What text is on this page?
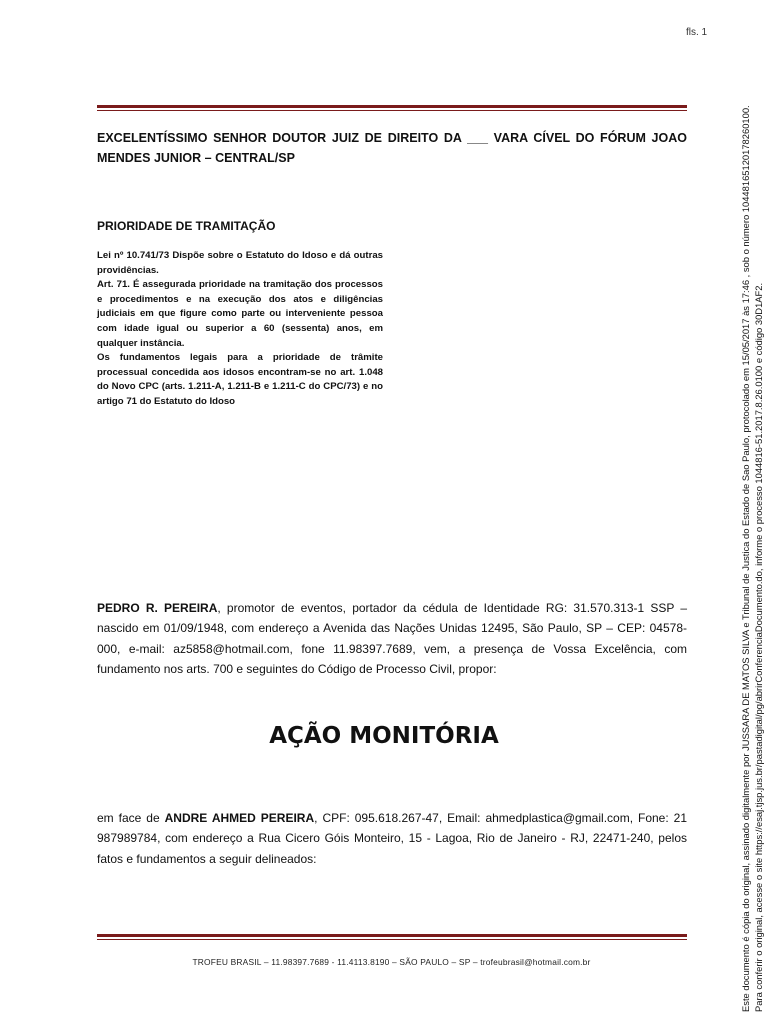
fls. 1
EXCELENTÍSSIMO SENHOR DOUTOR JUIZ DE DIREITO DA ___ VARA CÍVEL DO FÓRUM JOAO MENDES JUNIOR – CENTRAL/SP
PRIORIDADE DE TRAMITAÇÃO

Lei nº 10.741/73 Dispõe sobre o Estatuto do Idoso e dá outras providências.

Art. 71. É assegurada prioridade na tramitação dos processos e procedimentos e na execução dos atos e diligências judiciais em que figure como parte ou interveniente pessoa com idade igual ou superior a 60 (sessenta) anos, em qualquer instância.

Os fundamentos legais para a prioridade de trâmite processual concedida aos idosos encontram-se no art. 1.048 do Novo CPC (arts. 1.211-A, 1.211-B e 1.211-C do CPC/73) e no artigo 71 do Estatuto do Idoso

PEDRO R. PEREIRA, promotor de eventos, portador da cédula de Identidade RG: 31.570.313-1 SSP – nascido em 01/09/1948, com endereço a Avenida das Nações Unidas 12495, São Paulo, SP – CEP: 04578-000, e-mail: az5858@hotmail.com, fone 11.98397.7689, vem, a presença de Vossa Excelência, com fundamento nos arts. 700 e seguintes do Código de Processo Civil, propor:
AÇÃO MONITÓRIA
em face de ANDRE AHMED PEREIRA, CPF: 095.618.267-47, Email: ahmedplastica@gmail.com, Fone: 21 987989784, com endereço a Rua Cicero Góis Monteiro, 15 - Lagoa, Rio de Janeiro - RJ, 22471-240, pelos fatos e fundamentos a seguir delineados:
TROFEU BRASIL – 11.98397.7689 - 11.4113.8190 – SÃO PAULO – SP – trofeubrasil@hotmail.com.br	Este documento é cópia do original, assinado digitalmente por JUSSARA DE MATOS SILVA e Tribunal de Justica do Estado de Sao Paulo, protocolado em 15/05/2017 às 17:46 , sob o número 10448165120178260100. Para conferir o original, acesse o site https://esaj.tjsp.jus.br/pastadigital/pg/abrirConferenciaDocumento.do, informe o processo 1044816-51.2017.8.26.0100 e código 30D1AF2.
